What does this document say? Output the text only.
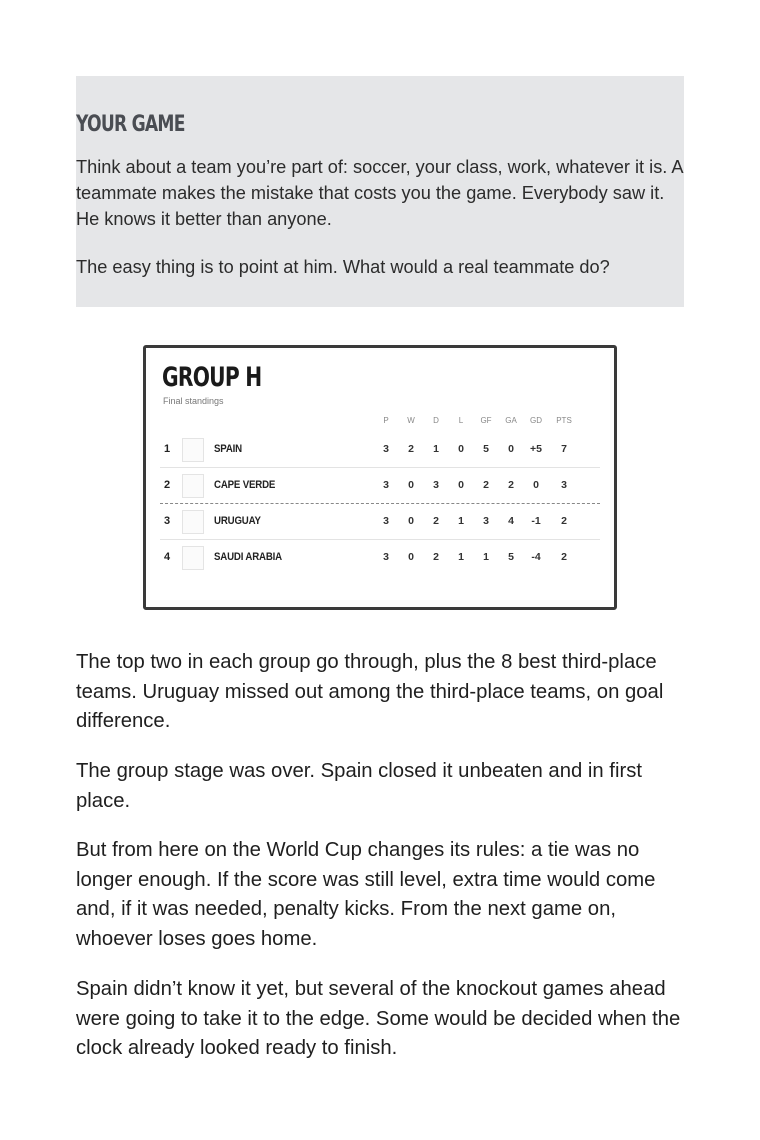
YOUR GAME

Think about a team you’re part of: soccer, your class, work, whatever it is. A teammate makes the mistake that costs you the game. Everybody saw it. He knows it better than anyone.

The easy thing is to point at him. What would a real teammate do?

GROUP H
Final standings
P	W	D	L	GF	GA	GD	PTS
1	SPAIN	3	2	1	0	5	0	+5	7
2	CAPE VERDE	3	0	3	0	2	2	0	3
3	URUGUAY	3	0	2	1	3	4	-1	2
4	SAUDI ARABIA	3	0	2	1	1	5	-4	2

The top two in each group go through, plus the 8 best third-place teams. Uruguay missed out among the third-place teams, on goal difference.

The group stage was over. Spain closed it unbeaten and in first place.

But from here on the World Cup changes its rules: a tie was no longer enough. If the score was still level, extra time would come and, if it was needed, penalty kicks. From the next game on, whoever loses goes home.

Spain didn’t know it yet, but several of the knockout games ahead were going to take it to the edge. Some would be decided when the clock already looked ready to finish.
